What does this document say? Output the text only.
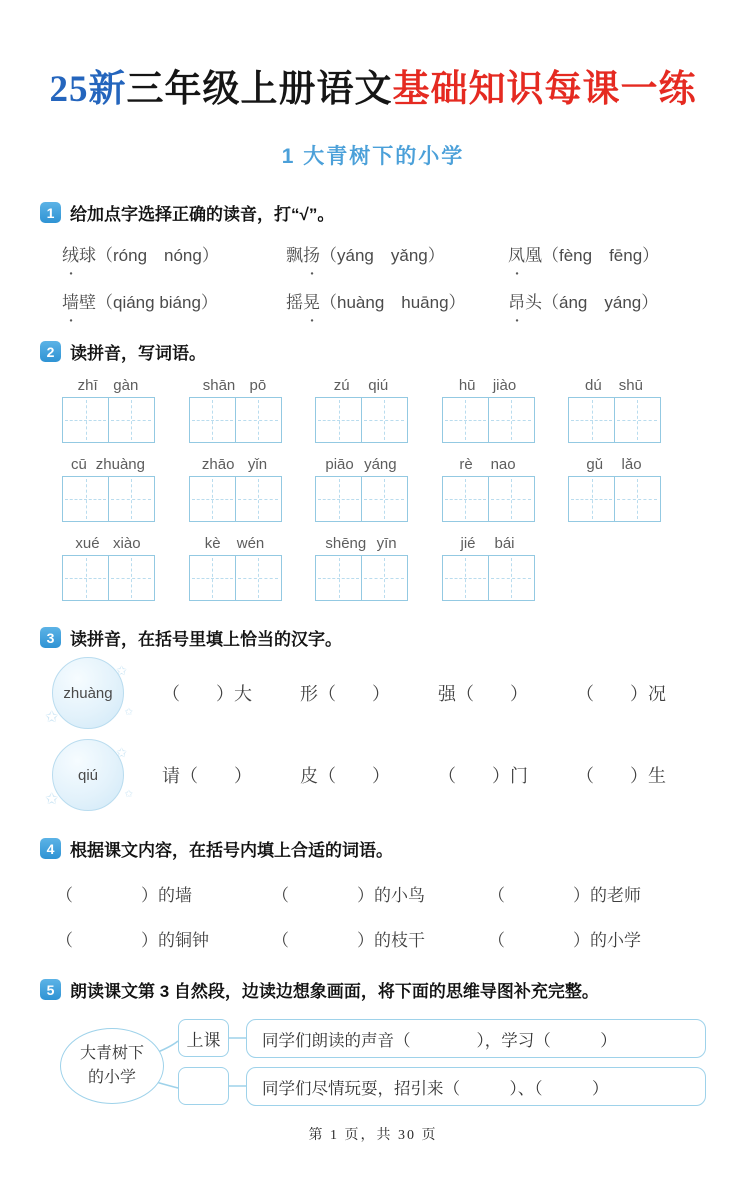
25新三年级上册语文基础知识每课一练
1 大青树下的小学
1 给加点字选择正确的读音，打“√”。
绒 ●球（róng　nóng）	飘扬 ●（yáng　yǎng）	凤 ●凰（fèng　fēng）
墙 ●壁（qiáng biáng）	摇晃 ●（huàng　huāng）	昂 ●头（áng　yáng）
2 读拼音，写词语。
zhī gàn	shān pō	zú qiú	hū jiào	dú shū
cū zhuàng	zhāo yǐn	piāo yáng	rè nao	gǔ lǎo
xué xiào	kè wén	shēng yīn	jié bái
3 读拼音，在括号里填上恰当的汉字。
zhuàng
✩
✩	✩
（　　）大	形（　　）	强（　　）	（　　）况
qiú
✩
✩	✩
请（　　）	皮（　　）	（　　）门	（　　）生
4 根据课文内容，在括号内填上合适的词语。
（　　　　）的墙	（　　　　）的小鸟	（　　　　）的老师
（　　　　）的铜钟	（　　　　）的枝干	（　　　　）的小学
5 朗读课文第 3 自然段，边读边想象画面，将下面的思维导图补充完整。
大青树下
的小学
上课	同学们朗读的声音（　　　　），学习（　　　）
同学们尽情玩耍，招引来（　　　）、（　　　）
第 1 页，共 30 页
